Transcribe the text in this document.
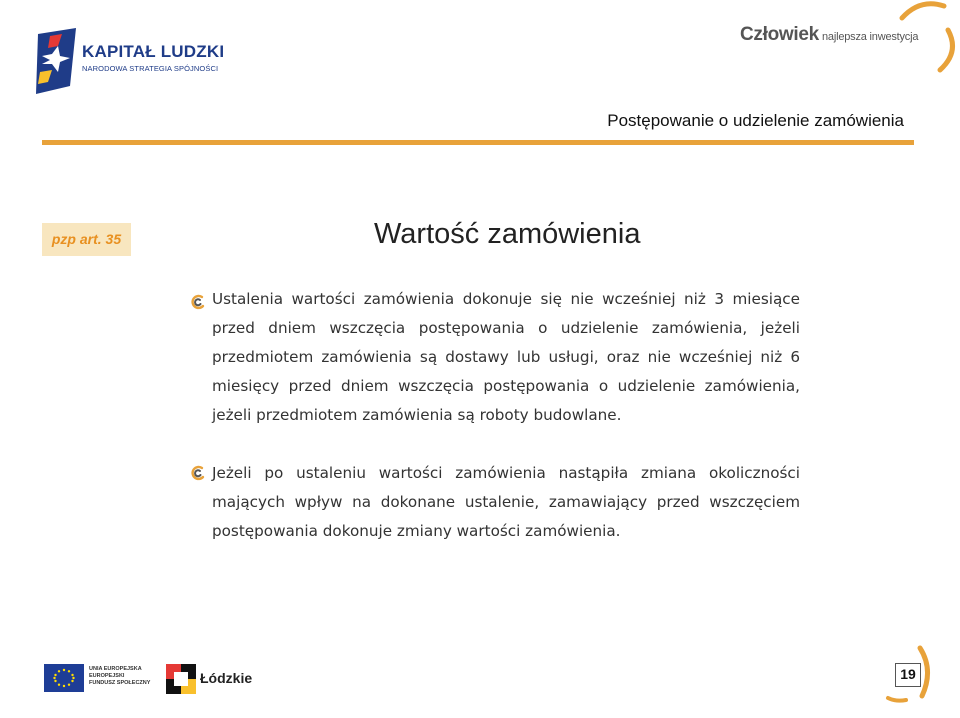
KAPITAŁ LUDZKI
NARODOWA STRATEGIA SPÓJNOŚCI
Człowiek najlepsza inwestycja
Postępowanie o udzielenie zamówienia
pzp art. 35	Wartość zamówienia
Ustalenia wartości zamówienia dokonuje się nie wcześniej niż 3 miesiące przed dniem wszczęcia postępowania o udzielenie zamówienia, jeżeli przedmiotem zamówienia są dostawy lub usługi, oraz nie wcześniej niż 6 miesięcy przed dniem wszczęcia postępowania o udzielenie zamówienia, jeżeli przedmiotem zamówienia są roboty budowlane.
Jeżeli po ustaleniu wartości zamówienia nastąpiła zmiana okoliczności mających wpływ na dokonane ustalenie, zamawiający przed wszczęciem postępowania dokonuje zmiany wartości zamówienia.
UNIA EUROPEJSKA
EUROPEJSKI
FUNDUSZ SPOŁECZNY	Łódzkie	19
